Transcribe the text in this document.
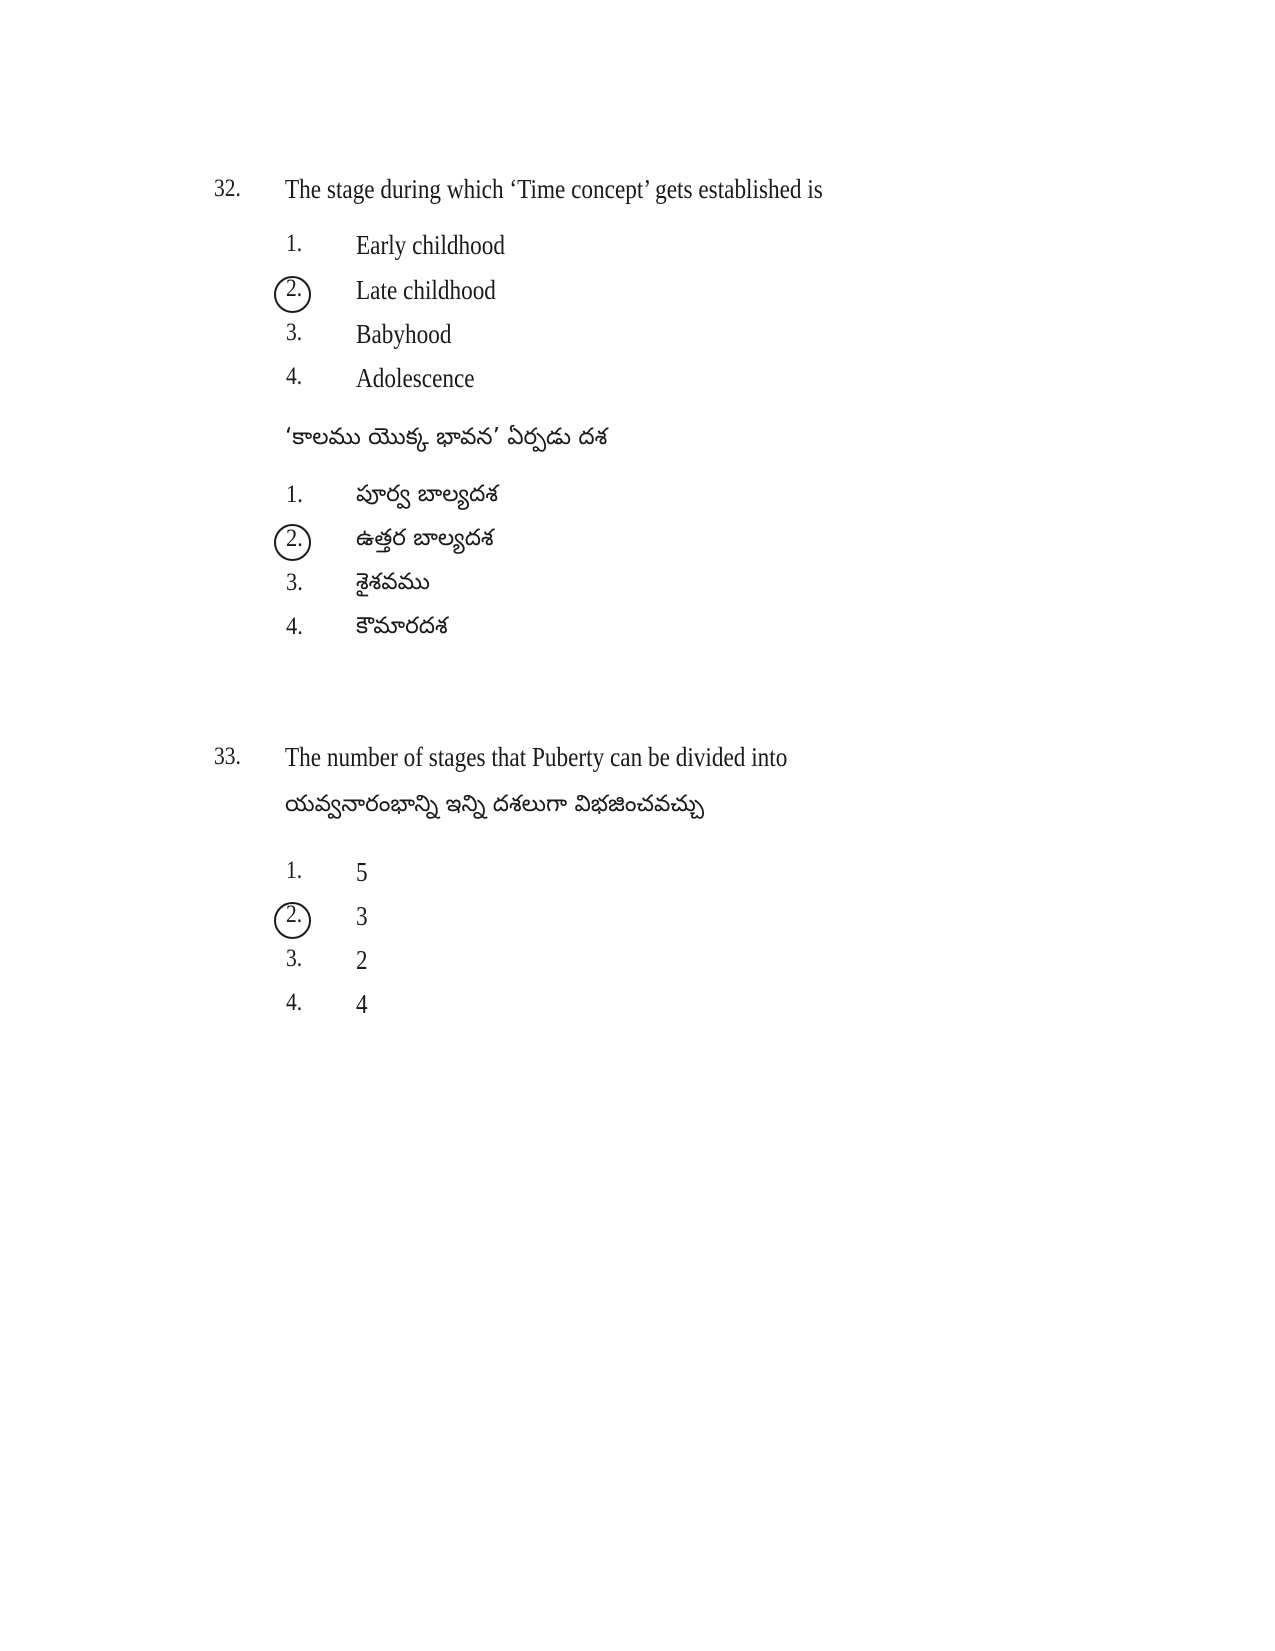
32. The stage during which ‘Time concept’ gets established is
1. Early childhood
2. Late childhood
3. Babyhood
4. Adolescence
‘కాలము యొక్క భావన’ ఏర్పడు దశ
1. పూర్వ బాల్యదశ
2. ఉత్తర బాల్యదశ
3. శైశవము
4. కౌమారదశ
33. The number of stages that Puberty can be divided into
యవ్వనారంభాన్ని ఇన్ని దశలుగా విభజించవచ్చు
1. 5
2. 3
3. 2
4. 4
